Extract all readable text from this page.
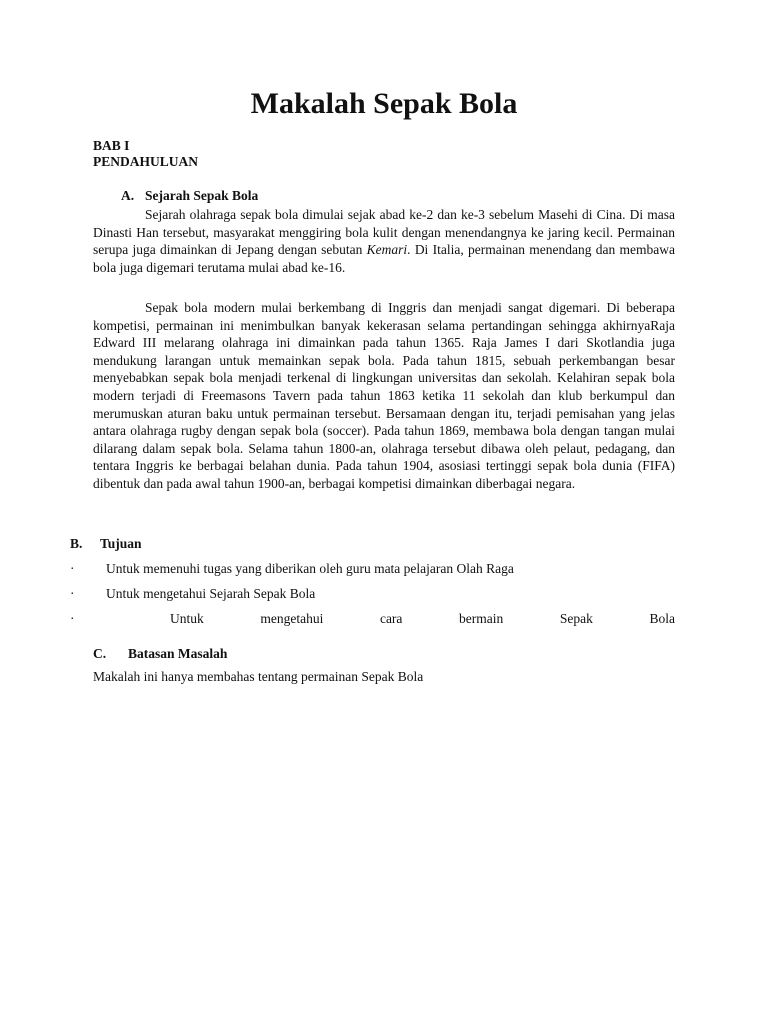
Makalah Sepak Bola
BAB I
PENDAHULUAN
A. Sejarah Sepak Bola

Sejarah olahraga sepak bola dimulai sejak abad ke-2 dan ke-3 sebelum Masehi di Cina. Di masa Dinasti Han tersebut, masyarakat menggiring bola kulit dengan menendangnya ke jaring kecil. Permainan serupa juga dimainkan di Jepang dengan sebutan Kemari. Di Italia, permainan menendang dan membawa bola juga digemari terutama mulai abad ke-16.

Sepak bola modern mulai berkembang di Inggris dan menjadi sangat digemari. Di beberapa kompetisi, permainan ini menimbulkan banyak kekerasan selama pertandingan sehingga akhirnyaRaja Edward III melarang olahraga ini dimainkan pada tahun 1365. Raja James I dari Skotlandia juga mendukung larangan untuk memainkan sepak bola. Pada tahun 1815, sebuah perkembangan besar menyebabkan sepak bola menjadi terkenal di lingkungan universitas dan sekolah. Kelahiran sepak bola modern terjadi di Freemasons Tavern pada tahun 1863 ketika 11 sekolah dan klub berkumpul dan merumuskan aturan baku untuk permainan tersebut. Bersamaan dengan itu, terjadi pemisahan yang jelas antara olahraga rugby dengan sepak bola (soccer). Pada tahun 1869, membawa bola dengan tangan mulai dilarang dalam sepak bola. Selama tahun 1800-an, olahraga tersebut dibawa oleh pelaut, pedagang, dan tentara Inggris ke berbagai belahan dunia. Pada tahun 1904, asosiasi tertinggi sepak bola dunia (FIFA) dibentuk dan pada awal tahun 1900-an, berbagai kompetisi dimainkan diberbagai negara.

B. Tujuan
· Untuk memenuhi tugas yang diberikan oleh guru mata pelajaran Olah Raga
· Untuk mengetahui Sejarah Sepak Bola
·	Untuk	mengetahui	cara	bermain	Sepak	Bola
C. Batasan Masalah
Makalah ini hanya membahas tentang permainan Sepak Bola
